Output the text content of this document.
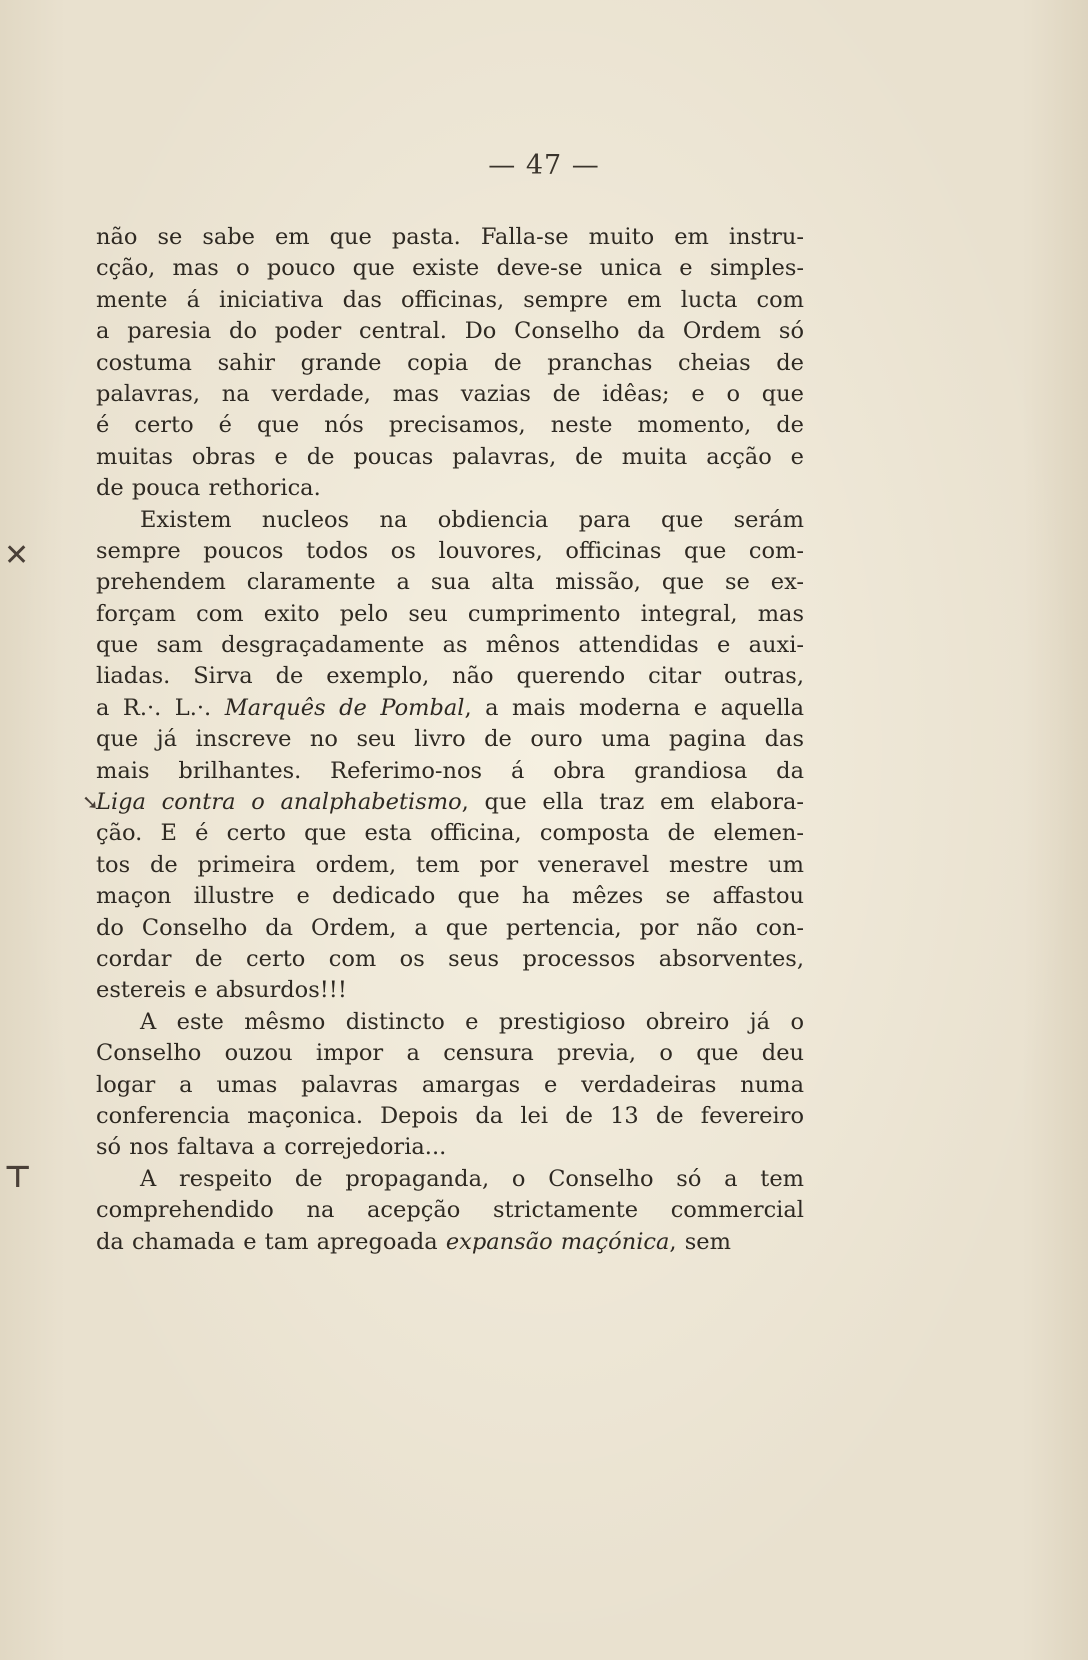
— 47 —
✕
⊤
➘
não se sabe em que pasta. Falla-se muito em instru-
cção, mas o pouco que existe deve-se unica e simples-
mente á iniciativa das officinas, sempre em lucta com
a paresia do poder central. Do Conselho da Ordem só
costuma sahir grande copia de pranchas cheias de
palavras, na verdade, mas vazias de idêas; e o que
é certo é que nós precisamos, neste momento, de
muitas obras e de poucas palavras, de muita acção e
de pouca rethorica.
Existem nucleos na obdiencia para que serám
sempre poucos todos os louvores, officinas que com-
prehendem claramente a sua alta missão, que se ex-
forçam com exito pelo seu cumprimento integral, mas
que sam desgraçadamente as mênos attendidas e auxi-
liadas. Sirva de exemplo, não querendo citar outras,
a R.·. L.·. Marquês de Pombal, a mais moderna e aquella
que já inscreve no seu livro de ouro uma pagina das
mais brilhantes. Referimo-nos á obra grandiosa da
Liga contra o analphabetismo, que ella traz em elabora-
ção. E é certo que esta officina, composta de elemen-
tos de primeira ordem, tem por veneravel mestre um
maçon illustre e dedicado que ha mêzes se affastou
do Conselho da Ordem, a que pertencia, por não con-
cordar de certo com os seus processos absorventes,
estereis e absurdos!!!
A este mêsmo distincto e prestigioso obreiro já o
Conselho ouzou impor a censura previa, o que deu
logar a umas palavras amargas e verdadeiras numa
conferencia maçonica. Depois da lei de 13 de fevereiro
só nos faltava a correjedoria...
A respeito de propaganda, o Conselho só a tem
comprehendido na acepção strictamente commercial
da chamada e tam apregoada expansão maçónica, sem
